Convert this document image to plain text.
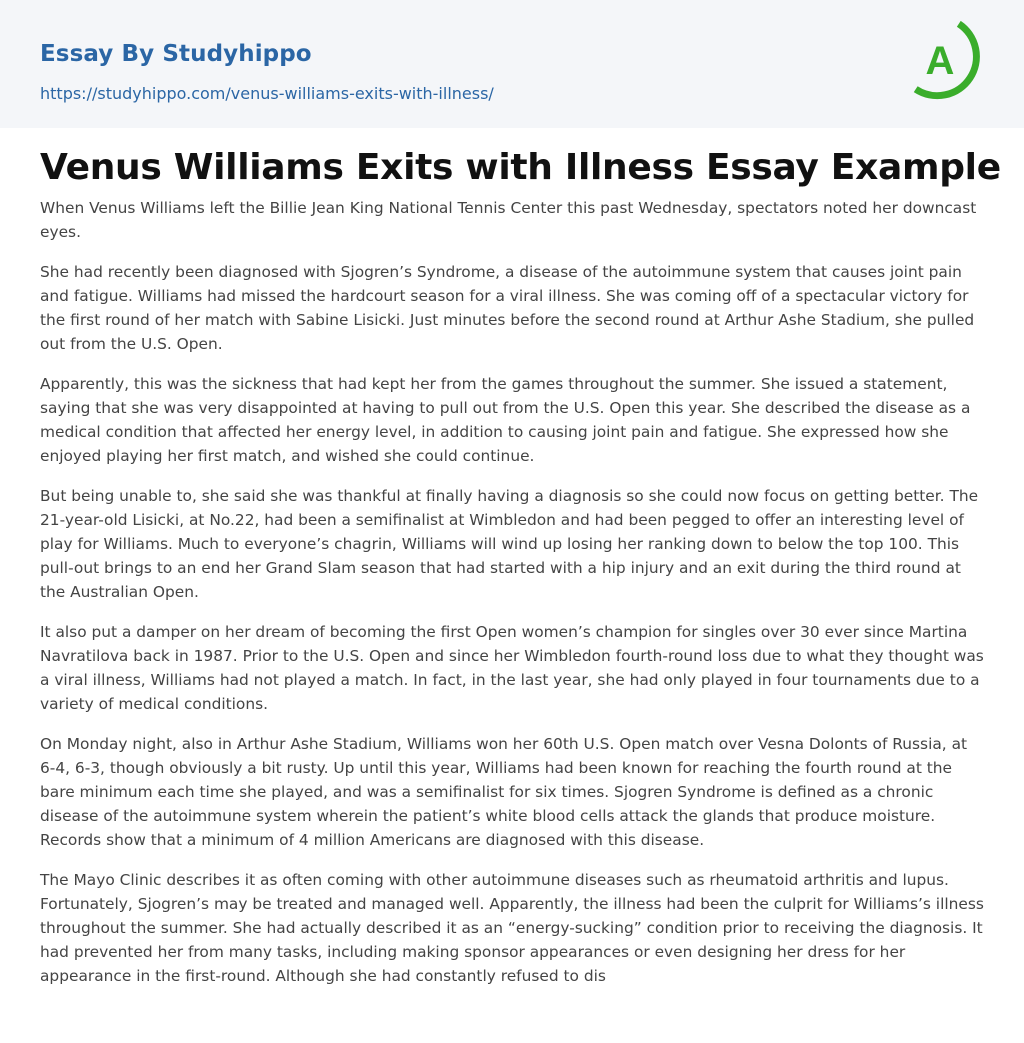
Essay By Studyhippo
https://studyhippo.com/venus-williams-exits-with-illness/
A
Venus Williams Exits with Illness Essay Example

When Venus Williams left the Billie Jean King National Tennis Center this past Wednesday, spectators noted her downcast eyes.

She had recently been diagnosed with Sjogren’s Syndrome, a disease of the autoimmune system that causes joint pain and fatigue. Williams had missed the hardcourt season for a viral illness. She was coming off of a spectacular victory for the first round of her match with Sabine Lisicki. Just minutes before the second round at Arthur Ashe Stadium, she pulled out from the U.S. Open.

Apparently, this was the sickness that had kept her from the games throughout the summer. She issued a statement, saying that she was very disappointed at having to pull out from the U.S. Open this year. She described the disease as a medical condition that affected her energy level, in addition to causing joint pain and fatigue. She expressed how she enjoyed playing her first match, and wished she could continue.

But being unable to, she said she was thankful at finally having a diagnosis so she could now focus on getting better. The 21-year-old Lisicki, at No.22, had been a semifinalist at Wimbledon and had been pegged to offer an interesting level of play for Williams. Much to everyone’s chagrin, Williams will wind up losing her ranking down to below the top 100. This pull-out brings to an end her Grand Slam season that had started with a hip injury and an exit during the third round at the Australian Open.

It also put a damper on her dream of becoming the first Open women’s champion for singles over 30 ever since Martina Navratilova back in 1987. Prior to the U.S. Open and since her Wimbledon fourth-round loss due to what they thought was a viral illness, Williams had not played a match. In fact, in the last year, she had only played in four tournaments due to a variety of medical conditions.

On Monday night, also in Arthur Ashe Stadium, Williams won her 60th U.S. Open match over Vesna Dolonts of Russia, at 6-4, 6-3, though obviously a bit rusty. Up until this year, Williams had been known for reaching the fourth round at the bare minimum each time she played, and was a semifinalist for six times. Sjogren Syndrome is defined as a chronic disease of the autoimmune system wherein the patient’s white blood cells attack the glands that produce moisture. Records show that a minimum of 4 million Americans are diagnosed with this disease.

The Mayo Clinic describes it as often coming with other autoimmune diseases such as rheumatoid arthritis and lupus. Fortunately, Sjogren’s may be treated and managed well. Apparently, the illness had been the culprit for Williams’s illness throughout the summer. She had actually described it as an “energy-sucking” condition prior to receiving the diagnosis. It had prevented her from many tasks, including making sponsor appearances or even designing her dress for her appearance in the first-round. Although she had constantly refused to dis
